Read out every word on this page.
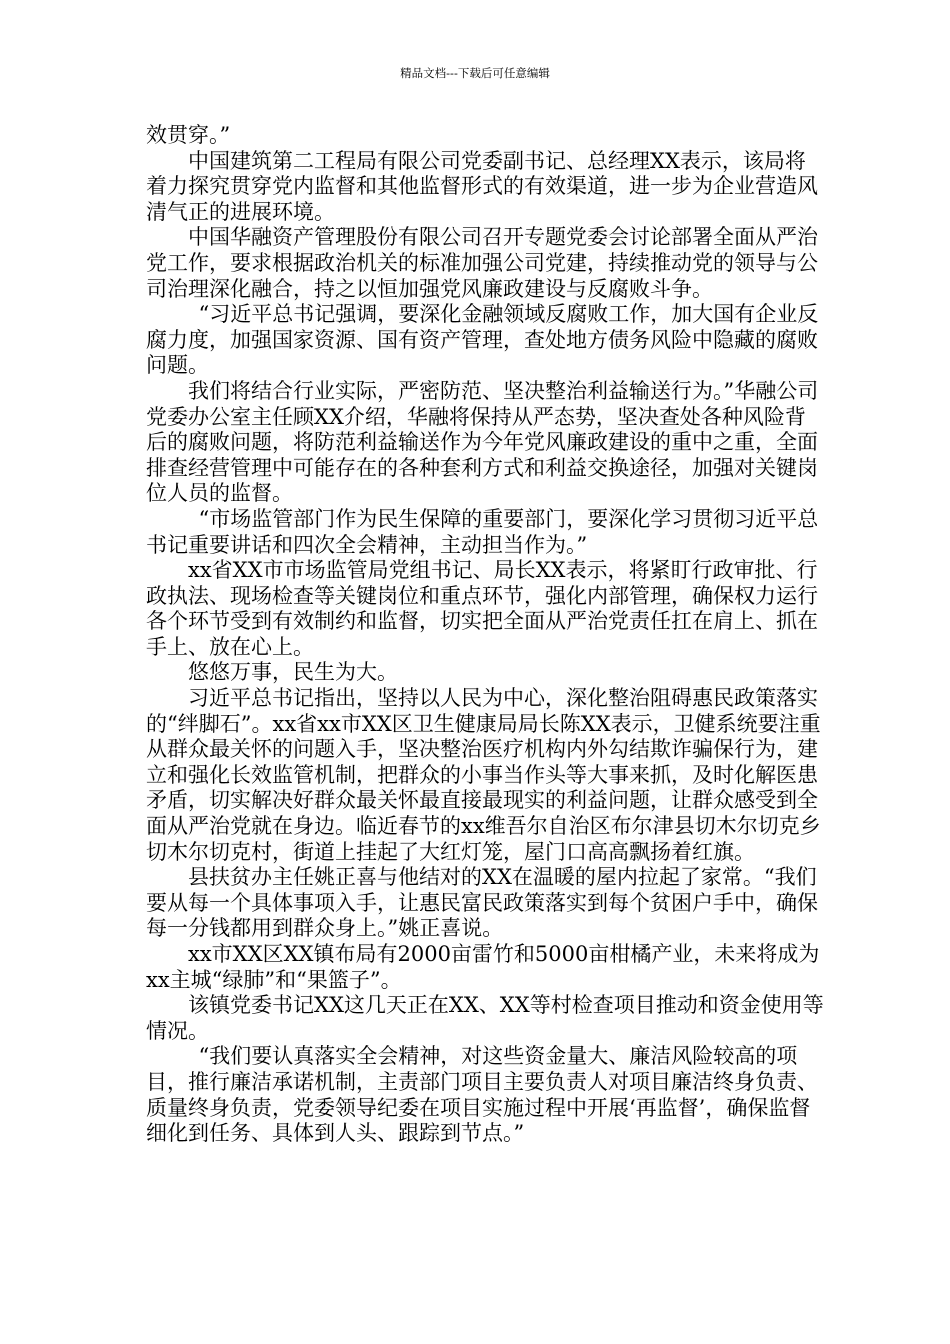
精品文档---下载后可任意编辑

效贯穿。”

中国建筑第二工程局有限公司党委副书记、总经理XX表示，该局将着力探究贯穿党内监督和其他监督形式的有效渠道，进一步为企业营造风清气正的进展环境。

中国华融资产管理股份有限公司召开专题党委会讨论部署全面从严治党工作，要求根据政治机关的标准加强公司党建，持续推动党的领导与公司治理深化融合，持之以恒加强党风廉政建设与反腐败斗争。

“习近平总书记强调，要深化金融领域反腐败工作，加大国有企业反腐力度，加强国家资源、国有资产管理，查处地方债务风险中隐藏的腐败问题。

我们将结合行业实际，严密防范、坚决整治利益输送行为。”华融公司党委办公室主任顾XX介绍，华融将保持从严态势，坚决查处各种风险背后的腐败问题，将防范利益输送作为今年党风廉政建设的重中之重，全面排查经营管理中可能存在的各种套利方式和利益交换途径，加强对关键岗位人员的监督。

“市场监管部门作为民生保障的重要部门，要深化学习贯彻习近平总书记重要讲话和四次全会精神，主动担当作为。”

xx省XX市市场监管局党组书记、局长XX表示，将紧盯行政审批、行政执法、现场检查等关键岗位和重点环节，强化内部管理，确保权力运行各个环节受到有效制约和监督，切实把全面从严治党责任扛在肩上、抓在手上、放在心上。

悠悠万事，民生为大。

习近平总书记指出，坚持以人民为中心，深化整治阻碍惠民政策落实的“绊脚石”。xx省xx市XX区卫生健康局局长陈XX表示，卫健系统要注重从群众最关怀的问题入手，坚决整治医疗机构内外勾结欺诈骗保行为，建立和强化长效监管机制，把群众的小事当作头等大事来抓，及时化解医患矛盾，切实解决好群众最关怀最直接最现实的利益问题，让群众感受到全面从严治党就在身边。临近春节的xx维吾尔自治区布尔津县切木尔切克乡切木尔切克村，街道上挂起了大红灯笼，屋门口高高飘扬着红旗。

县扶贫办主任姚正喜与他结对的XX在温暖的屋内拉起了家常。“我们要从每一个具体事项入手，让惠民富民政策落实到每个贫困户手中，确保每一分钱都用到群众身上。”姚正喜说。

xx市XX区XX镇布局有2000亩雷竹和5000亩柑橘产业，未来将成为xx主城“绿肺”和“果篮子”。

该镇党委书记XX这几天正在XX、XX等村检查项目推动和资金使用等情况。

“我们要认真落实全会精神，对这些资金量大、廉洁风险较高的项目，推行廉洁承诺机制，主责部门项目主要负责人对项目廉洁终身负责、质量终身负责，党委领导纪委在项目实施过程中开展‘再监督’，确保监督细化到任务、具体到人头、跟踪到节点。”
